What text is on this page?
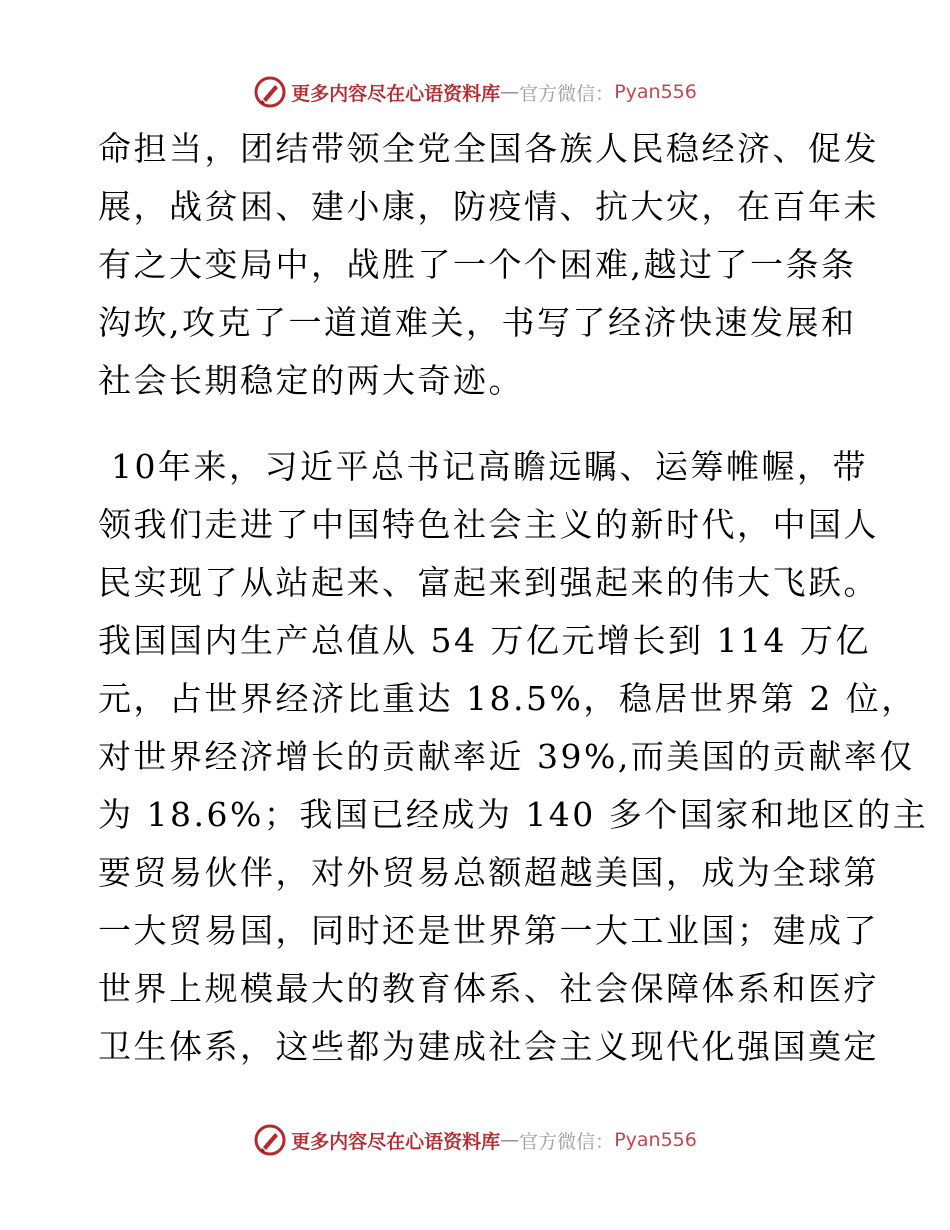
更多内容尽在心语资料库 — 官方微信： Pyan556
命担当，团结带领全党全国各族人民稳经济、促发
展，战贫困、建小康，防疫情、抗大灾，在百年未
有之大变局中，战胜了一个个困难,越过了一条条
沟坎,攻克了一道道难关，书写了经济快速发展和
社会长期稳定的两大奇迹。
10年来，习近平总书记高瞻远瞩、运筹帷幄，带
领我们走进了中国特色社会主义的新时代，中国人
民实现了从站起来、富起来到强起来的伟大飞跃。
我国国内生产总值从 54 万亿元增长到 114 万亿
元，占世界经济比重达 18.5%，稳居世界第 2 位，
对世界经济增长的贡献率近 39%,而美国的贡献率仅
为 18.6%；我国已经成为 140 多个国家和地区的主
要贸易伙伴，对外贸易总额超越美国，成为全球第
一大贸易国，同时还是世界第一大工业国；建成了
世界上规模最大的教育体系、社会保障体系和医疗
卫生体系，这些都为建成社会主义现代化强国奠定
更多内容尽在心语资料库 — 官方微信： Pyan556
